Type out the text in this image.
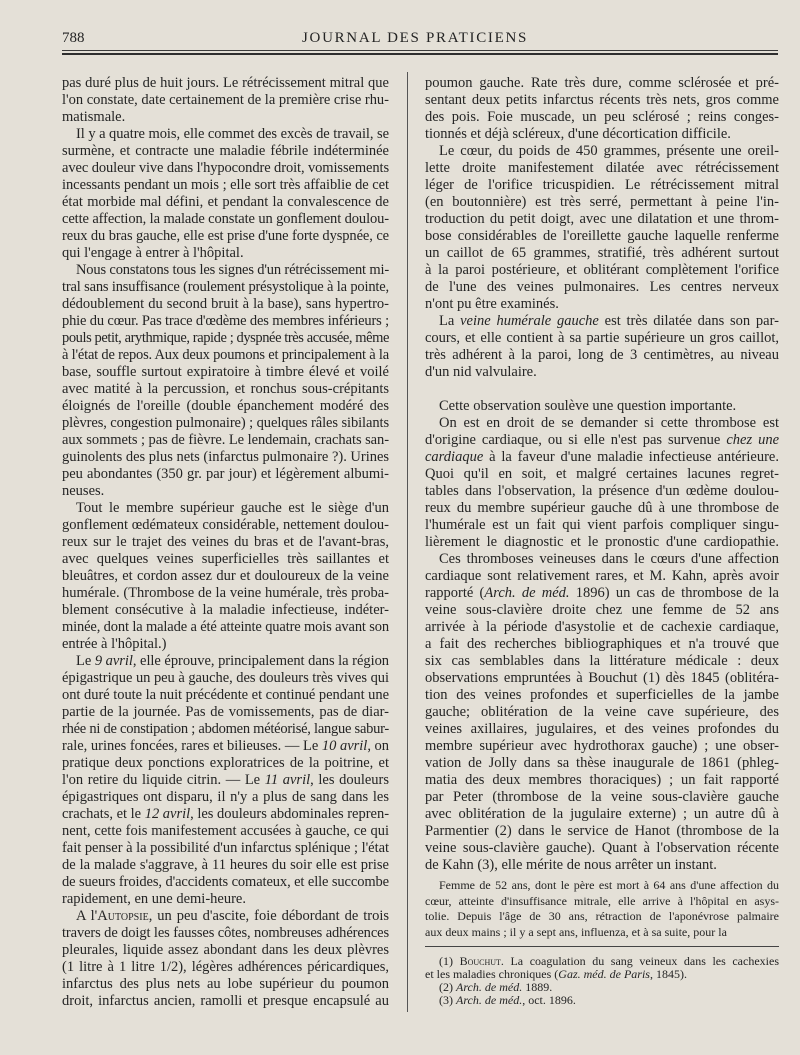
788	JOURNAL DES PRATICIENS
pas duré plus de huit jours. Le rétrécissement mitral que
l'on constate, date certainement de la première crise rhu-
matismale.
Il y a quatre mois, elle commet des excès de travail, se
surmène, et contracte une maladie fébrile indéterminée
avec douleur vive dans l'hypocondre droit, vomissements
incessants pendant un mois ; elle sort très affaiblie de cet
état morbide mal défini, et pendant la convalescence de
cette affection, la malade constate un gonflement doulou-
reux du bras gauche, elle est prise d'une forte dyspnée, ce
qui l'engage à entrer à l'hôpital.
Nous constatons tous les signes d'un rétrécissement mi-
tral sans insuffisance (roulement présystolique à la pointe,
dédoublement du second bruit à la base), sans hypertro-
phie du cœur. Pas trace d'œdème des membres inférieurs ;
pouls petit, arythmique, rapide ; dyspnée très accusée, même
à l'état de repos. Aux deux poumons et principalement à la
base, souffle surtout expiratoire à timbre élevé et voilé
avec matité à la percussion, et ronchus sous-crépitants
éloignés de l'oreille (double épanchement modéré des
plèvres, congestion pulmonaire) ; quelques râles sibilants
aux sommets ; pas de fièvre. Le lendemain, crachats san-
guinolents des plus nets (infarctus pulmonaire ?). Urines
peu abondantes (350 gr. par jour) et légèrement albumi-
neuses.
Tout le membre supérieur gauche est le siège d'un
gonflement œdémateux considérable, nettement doulou-
reux sur le trajet des veines du bras et de l'avant-bras,
avec quelques veines superficielles très saillantes et
bleuâtres, et cordon assez dur et douloureux de la veine
humérale. (Thrombose de la veine humérale, très proba-
blement consécutive à la maladie infectieuse, indéter-
minée, dont la malade a été atteinte quatre mois avant son
entrée à l'hôpital.)
Le 9 avril, elle éprouve, principalement dans la région
épigastrique un peu à gauche, des douleurs très vives qui
ont duré toute la nuit précédente et continué pendant une
partie de la journée. Pas de vomissements, pas de diar-
rhée ni de constipation ; abdomen météorisé, langue sabur-
rale, urines foncées, rares et bilieuses. — Le 10 avril, on
pratique deux ponctions exploratrices de la poitrine, et
l'on retire du liquide citrin. — Le 11 avril, les douleurs
épigastriques ont disparu, il n'y a plus de sang dans les
crachats, et le 12 avril, les douleurs abdominales repren-
nent, cette fois manifestement accusées à gauche, ce qui
fait penser à la possibilité d'un infarctus splénique ; l'état
de la malade s'aggrave, à 11 heures du soir elle est prise
de sueurs froides, d'accidents comateux, et elle succombe
rapidement, en une demi-heure.
A l'Autopsie, un peu d'ascite, foie débordant de trois
travers de doigt les fausses côtes, nombreuses adhérences
pleurales, liquide assez abondant dans les deux plèvres
(1 litre à 1 litre 1/2), légères adhérences péricardiques,
infarctus des plus nets au lobe supérieur du poumon
droit, infarctus ancien, ramolli et presque encapsulé au
poumon gauche. Rate très dure, comme sclérosée et pré-
sentant deux petits infarctus récents très nets, gros comme
des pois. Foie muscade, un peu sclérosé ; reins conges-
tionnés et déjà scléreux, d'une décortication difficile.
Le cœur, du poids de 450 grammes, présente une oreil-
lette droite manifestement dilatée avec rétrécissement
léger de l'orifice tricuspidien. Le rétrécissement mitral
(en boutonnière) est très serré, permettant à peine l'in-
troduction du petit doigt, avec une dilatation et une throm-
bose considérables de l'oreillette gauche laquelle renferme
un caillot de 65 grammes, stratifié, très adhérent surtout
à la paroi postérieure, et oblitérant complètement l'orifice
de l'une des veines pulmonaires. Les centres nerveux
n'ont pu être examinés.
La veine humérale gauche est très dilatée dans son par-
cours, et elle contient à sa partie supérieure un gros caillot,
très adhérent à la paroi, long de 3 centimètres, au niveau
d'un nid valvulaire.
Cette observation soulève une question importante.
On est en droit de se demander si cette thrombose est
d'origine cardiaque, ou si elle n'est pas survenue chez une
cardiaque à la faveur d'une maladie infectieuse antérieure.
Quoi qu'il en soit, et malgré certaines lacunes regret-
tables dans l'observation, la présence d'un œdème doulou-
reux du membre supérieur gauche dû à une thrombose de
l'humérale est un fait qui vient parfois compliquer singu-
lièrement le diagnostic et le pronostic d'une cardiopathie.
Ces thromboses veineuses dans le cœurs d'une affection
cardiaque sont relativement rares, et M. Kahn, après avoir
rapporté (Arch. de méd. 1896) un cas de thrombose de la
veine sous-clavière droite chez une femme de 52 ans
arrivée à la période d'asystolie et de cachexie cardiaque,
a fait des recherches bibliographiques et n'a trouvé que
six cas semblables dans la littérature médicale : deux
observations empruntées à Bouchut (1) dès 1845 (oblitéra-
tion des veines profondes et superficielles de la jambe
gauche; oblitération de la veine cave supérieure, des
veines axillaires, jugulaires, et des veines profondes du
membre supérieur avec hydrothorax gauche) ; une obser-
vation de Jolly dans sa thèse inaugurale de 1861 (phleg-
matia des deux membres thoraciques) ; un fait rapporté
par Peter (thrombose de la veine sous-clavière gauche
avec oblitération de la jugulaire externe) ; un autre dû à
Parmentier (2) dans le service de Hanot (thrombose de la
veine sous-clavière gauche). Quant à l'observation récente
de Kahn (3), elle mérite de nous arrêter un instant.
Femme de 52 ans, dont le père est mort à 64 ans d'une affection du
cœur, atteinte d'insuffisance mitrale, elle arrive à l'hôpital en asys-
tolie. Depuis l'âge de 30 ans, rétraction de l'aponévrose palmaire
aux deux mains ; il y a sept ans, influenza, et à sa suite, pour la
(1) Bouchut. La coagulation du sang veineux dans les cachexies
et les maladies chroniques (Gaz. méd. de Paris, 1845).
(2) Arch. de méd. 1889.
(3) Arch. de méd., oct. 1896.
